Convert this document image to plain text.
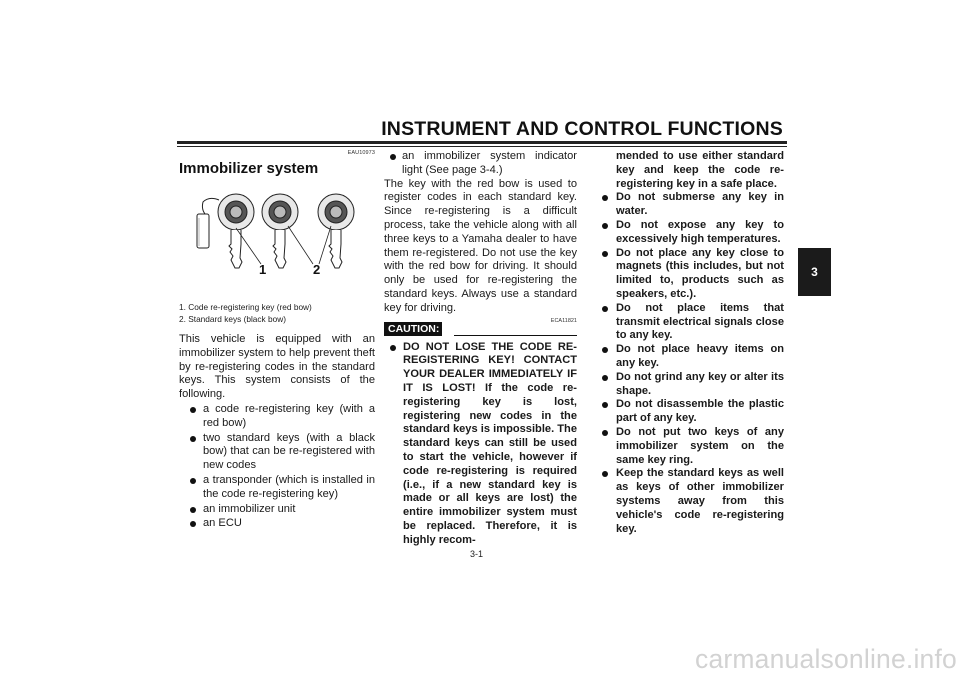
INSTRUMENT AND CONTROL FUNCTIONS
3
EAU10973
Immobilizer system
1	2
1. Code re-registering key (red bow)
2. Standard keys (black bow)

This vehicle is equipped with an immobilizer system to help prevent theft by re-registering codes in the standard keys. This system consists of the following.

a code re-registering key (with a red bow)
two standard keys (with a black bow) that can be re-registered with new codes
a transponder (which is installed in the code re-registering key)
an immobilizer unit
an ECU
an immobilizer system indicator light (See page 3-4.)

The key with the red bow is used to register codes in each standard key. Since re-registering is a difficult process, take the vehicle along with all three keys to a Yamaha dealer to have them re-registered. Do not use the key with the red bow for driving. It should only be used for re-registering the standard keys. Always use a standard key for driving.

CAUTION:
ECA11821
DO NOT LOSE THE CODE RE-REGISTERING KEY! CONTACT YOUR DEALER IMMEDIATELY IF IT IS LOST! If the code re-registering key is lost, registering new codes in the standard keys is impossible. The standard keys can still be used to start the vehicle, however if code re-registering is required (i.e., if a new standard key is made or all keys are lost) the entire immobilizer system must be replaced. Therefore, it is highly recom-

mended to use either standard key and keep the code re-registering key in a safe place.

Do not submerse any key in water.
Do not expose any key to excessively high temperatures.
Do not place any key close to magnets (this includes, but not limited to, products such as speakers, etc.).
Do not place items that transmit electrical signals close to any key.
Do not place heavy items on any key.
Do not grind any key or alter its shape.
Do not disassemble the plastic part of any key.
Do not put two keys of any immobilizer system on the same key ring.
Keep the standard keys as well as keys of other immobilizer systems away from this vehicle's code re-registering key.
3-1
carmanualsonline.info
